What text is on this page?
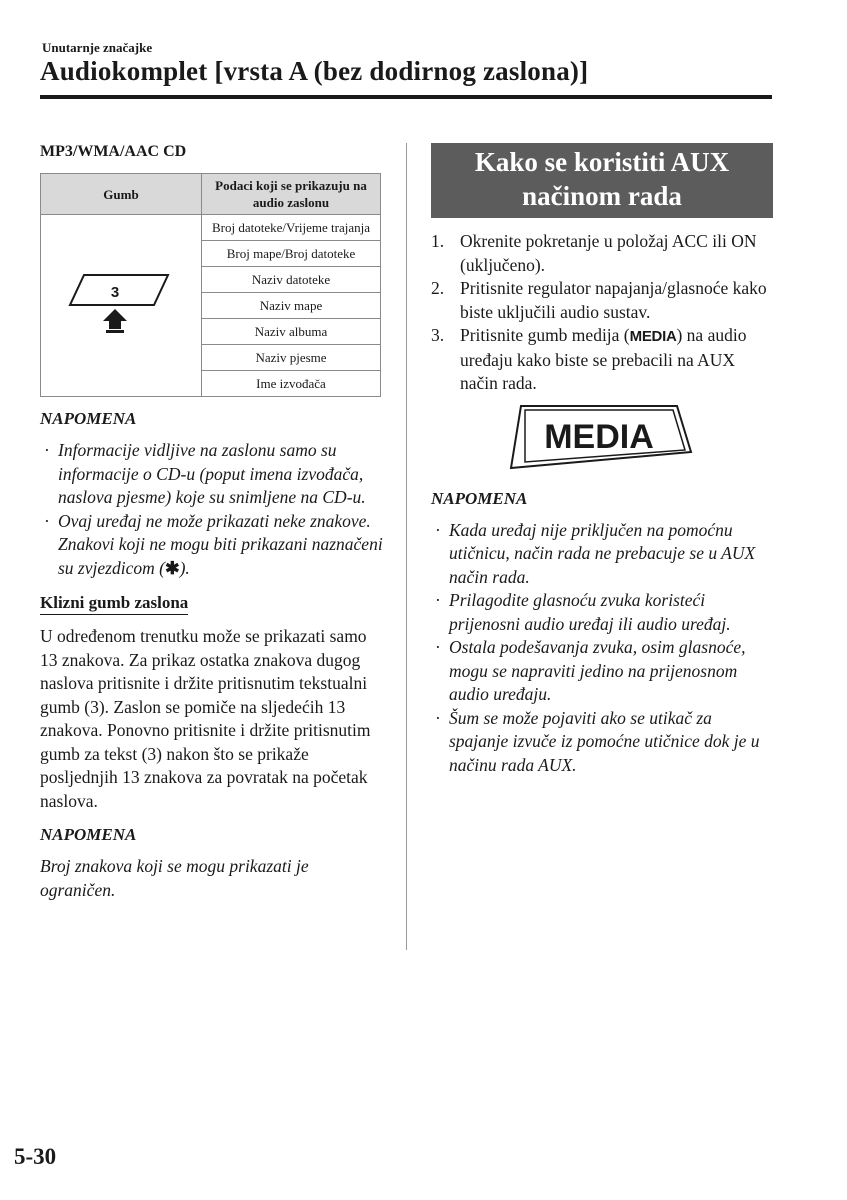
Unutarnje značajke
Audiokomplet [vrsta A (bez dodirnog zaslona)]
MP3/WMA/AAC CD
Gumb	Podaci koji se prikazuju na audio zaslonu

3	Broj datoteke/Vrijeme trajanja
	Broj mape/Broj datoteke
	Naziv datoteke
	Naziv mape
	Naziv albuma
	Naziv pjesme
	Ime izvođača
NAPOMENA
· Informacije vidljive na zaslonu samo su informacije o CD-u (poput imena izvođača, naslova pjesme) koje su snimljene na CD-u.
· Ovaj uređaj ne može prikazati neke znakove. Znakovi koji ne mogu biti prikazani naznačeni su zvjezdicom (✱).
Klizni gumb zaslona

U određenom trenutku može se prikazati samo 13 znakova. Za prikaz ostatka znakova dugog naslova pritisnite i držite pritisnutim tekstualni gumb (3). Zaslon se pomiče na sljedećih 13 znakova. Ponovno pritisnite i držite pritisnutim gumb za tekst (3) nakon što se prikaže posljednjih 13 znakova za povratak na početak naslova.

NAPOMENA

Broj znakova koji se mogu prikazati je ograničen.

Kako se koristiti AUX
načinom rada
1. Okrenite pokretanje u položaj ACC ili ON (uključeno).
2. Pritisnite regulator napajanja/glasnoće kako biste uključili audio sustav.
3. Pritisnite gumb medija (MEDIA) na audio uređaju kako biste se prebacili na AUX način rada.
MEDIA
NAPOMENA
· Kada uređaj nije priključen na pomoćnu utičnicu, način rada ne prebacuje se u AUX način rada.
· Prilagodite glasnoću zvuka koristeći prijenosni audio uređaj ili audio uređaj.
· Ostala podešavanja zvuka, osim glasnoće, mogu se napraviti jedino na prijenosnom audio uređaju.
· Šum se može pojaviti ako se utikač za spajanje izvuče iz pomoćne utičnice dok je u načinu rada AUX.
5-30
